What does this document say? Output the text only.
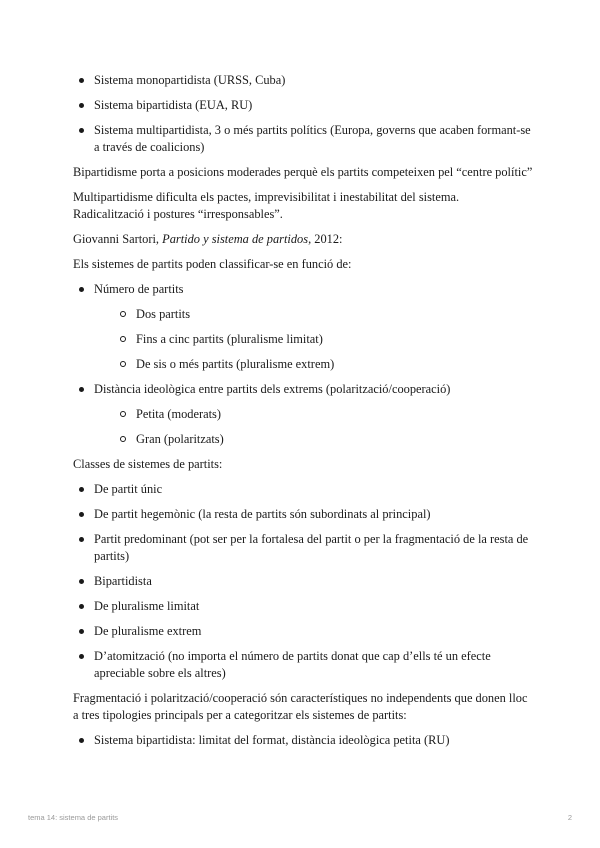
Sistema monopartidista (URSS, Cuba)
Sistema bipartidista (EUA, RU)
Sistema multipartidista, 3 o més partits polítics (Europa, governs que acaben formant-se a través de coalicions)

Bipartidisme porta a posicions moderades perquè els partits competeixen pel “centre polític”

Multipartidisme dificulta els pactes, imprevisibilitat i inestabilitat del sistema. Radicalització i postures “irresponsables”.

Giovanni Sartori, Partido y sistema de partidos, 2012:

Els sistemes de partits poden classificar-se en funció de:

Número de partits
Dos partits
Fins a cinc partits (pluralisme limitat)
De sis o més partits (pluralisme extrem)
Distància ideològica entre partits dels extrems (polarització/cooperació)
Petita (moderats)
Gran (polaritzats)

Classes de sistemes de partits:

De partit únic
De partit hegemònic (la resta de partits són subordinats al principal)
Partit predominant (pot ser per la fortalesa del partit o per la fragmentació de la resta de partits)
Bipartidista
De pluralisme limitat
De pluralisme extrem
D’atomització (no importa el número de partits donat que cap d’ells té un efecte apreciable sobre els altres)

Fragmentació i polarització/cooperació són característiques no independents que donen lloc a tres tipologies principals per a categoritzar els sistemes de partits:

Sistema bipartidista: limitat del format, distància ideològica petita (RU)
tema 14: sistema de partits	2
